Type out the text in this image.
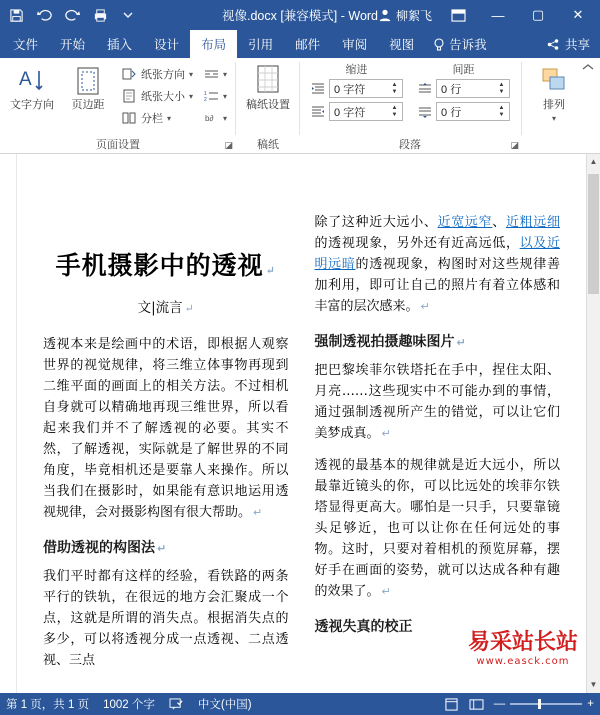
视像.docx [兼容模式] - Word	柳絮飞	—	▢	✕
文件	开始	插入	设计	布局	引用	邮件	审阅	视图	告诉我	共享
A
文字方向 页边距
纸张方向 ▾
纸张大小 ▾
分栏 ▾
▾
1
2 ▾
b∂ ▾
页面设置	◪
稿纸设置
稿纸
缩进
0 字符	▲
▼
0 字符	▲
▼
间距
0 行	▲
▼
0 行	▲
▼
段落	◪
排列
▾
手机摄影中的透视 ↵
文|流言 ↵

透视本来是绘画中的术语，即根据人观察世界的视觉规律，将三维立体事物再现到二维平面的画面上的相关方法。不过相机自身就可以精确地再现三维世界，所以看起来我们并不了解透视的必要。其实不然，了解透视，实际就是了解世界的不同角度，毕竟相机还是要靠人来操作。所以当我们在摄影时，如果能有意识地运用透视规律，会对摄影构图有很大帮助。 ↵

借助透视的构图法 ↵

我们平时都有这样的经验，看铁路的两条平行的铁轨，在很远的地方会汇聚成一个点，这就是所谓的消失点。根据消失点的多少，可以将透视分成一点透视、二点透视、三点

除了这种近大远小、近宽远窄、近粗远细的透视现象，另外还有近高远低，以及近明远暗的透视现象，构图时对这些规律善加利用，即可让自己的照片有着立体感和丰富的层次感来。 ↵

强制透视拍摄趣味图片 ↵

把巴黎埃菲尔铁塔托在手中，捏住太阳、月亮……这些现实中不可能办到的事情，通过强制透视所产生的错觉，可以让它们美梦成真。 ↵

透视的最基本的规律就是近大远小，所以最靠近镜头的你，可以比远处的埃菲尔铁塔显得更高大。哪怕是一只手，只要靠镜头足够近，也可以让你在任何远处的事物。这时，只要对着相机的预览屏幕，摆好手在画面的姿势，就可以达成各种有趣的效果了。 ↵

透视失真的校正
易采站长站
www.easck.com
▲
▼
第 1 页，共 1 页 1002 个字	中文(中国)	—	+
